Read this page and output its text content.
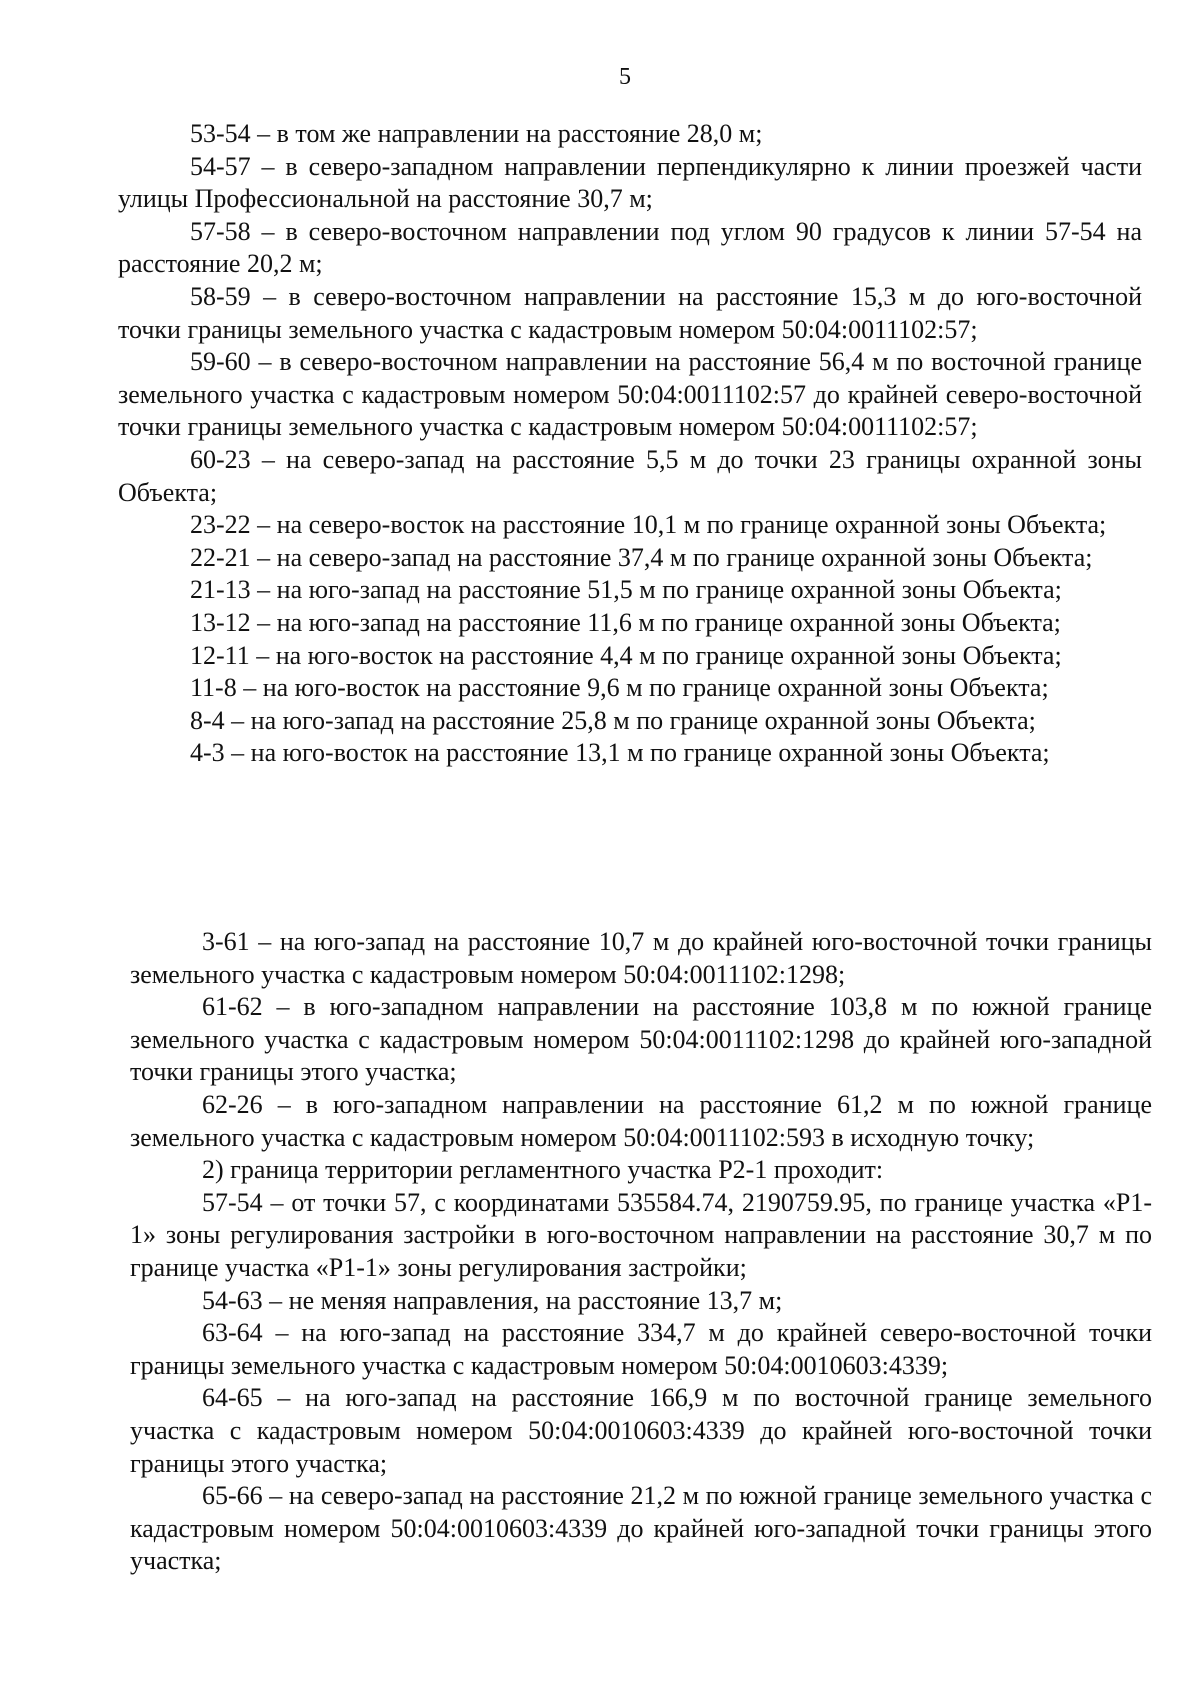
5

53-54 – в том же направлении на расстояние 28,0 м;

54-57 – в северо-западном направлении перпендикулярно к линии проезжей части улицы Профессиональной на расстояние 30,7 м;

57-58 – в северо-восточном направлении под углом 90 градусов к линии 57-54 на расстояние 20,2 м;

58-59 – в северо-восточном направлении на расстояние 15,3 м до юго-восточной точки границы земельного участка с кадастровым номером 50:04:0011102:57;

59-60 – в северо-восточном направлении на расстояние 56,4 м по восточной границе земельного участка с кадастровым номером 50:04:0011102:57 до крайней северо-восточной точки границы земельного участка с кадастровым номером 50:04:0011102:57;

60-23 – на северо-запад на расстояние 5,5 м до точки 23 границы охранной зоны Объекта;

23-22 – на северо-восток на расстояние 10,1 м по границе охранной зоны Объекта;

22-21 – на северо-запад на расстояние 37,4 м по границе охранной зоны Объекта;

21-13 – на юго-запад на расстояние 51,5 м по границе охранной зоны Объекта;

13-12 – на юго-запад на расстояние 11,6 м по границе охранной зоны Объекта;

12-11 – на юго-восток на расстояние 4,4 м по границе охранной зоны Объекта;

11-8 – на юго-восток на расстояние 9,6 м по границе охранной зоны Объекта;

8-4 – на юго-запад на расстояние 25,8 м по границе охранной зоны Объекта;

4-3 – на юго-восток на расстояние 13,1 м по границе охранной зоны Объекта;

3-61 – на юго-запад на расстояние 10,7 м до крайней юго-восточной точки границы земельного участка с кадастровым номером 50:04:0011102:1298;

61-62 – в юго-западном направлении на расстояние 103,8 м по южной границе земельного участка с кадастровым номером 50:04:0011102:1298 до крайней юго-западной точки границы этого участка;

62-26 – в юго-западном направлении на расстояние 61,2 м по южной границе земельного участка с кадастровым номером 50:04:0011102:593 в исходную точку;

2) граница территории регламентного участка Р2-1 проходит:

57-54 – от точки 57, с координатами 535584.74, 2190759.95, по границе участка «Р1-1» зоны регулирования застройки в юго-восточном направлении на расстояние 30,7 м по границе участка «Р1-1» зоны регулирования застройки;

54-63 – не меняя направления, на расстояние 13,7 м;

63-64 – на юго-запад на расстояние 334,7 м до крайней северо-восточной точки границы земельного участка с кадастровым номером 50:04:0010603:4339;

64-65 – на юго-запад на расстояние 166,9 м по восточной границе земельного участка с кадастровым номером 50:04:0010603:4339 до крайней юго-восточной точки границы этого участка;

65-66 – на северо-запад на расстояние 21,2 м по южной границе земельного участка с кадастровым номером 50:04:0010603:4339 до крайней юго-западной точки границы этого участка;
